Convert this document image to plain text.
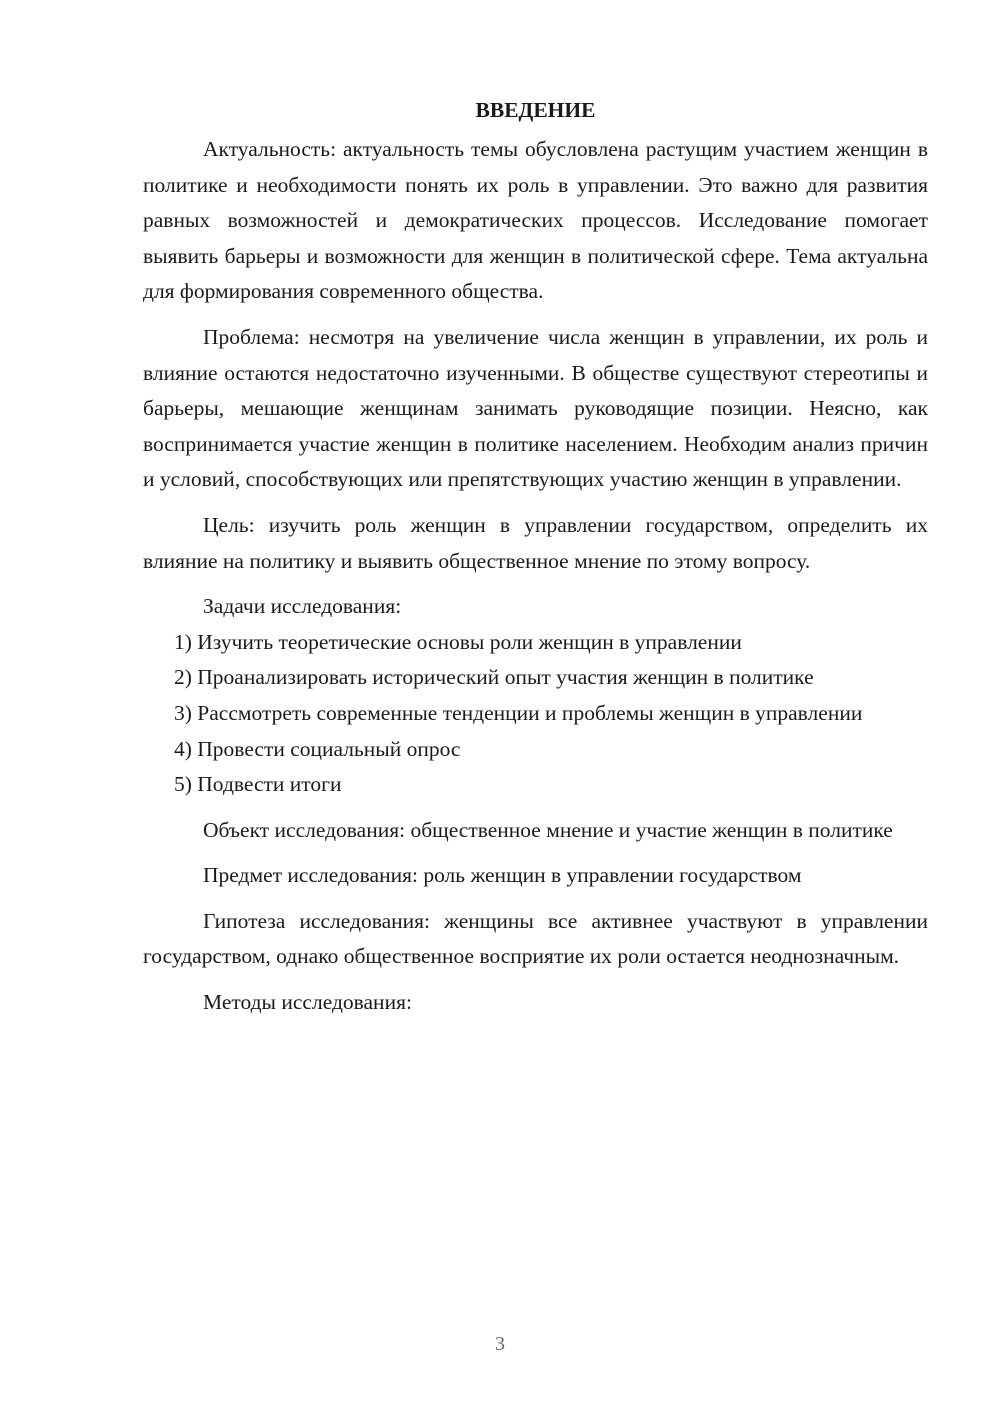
ВВЕДЕНИЕ

Актуальность: актуальность темы обусловлена растущим участием женщин в политике и необходимости понять их роль в управлении. Это важно для развития равных возможностей и демократических процессов. Исследование помогает выявить барьеры и возможности для женщин в политической сфере. Тема актуальна для формирования современного общества.

Проблема: несмотря на увеличение числа женщин в управлении, их роль и влияние остаются недостаточно изученными. В обществе существуют стереотипы и барьеры, мешающие женщинам занимать руководящие позиции. Неясно, как воспринимается участие женщин в политике населением. Необходим анализ причин и условий, способствующих или препятствующих участию женщин в управлении.

Цель: изучить роль женщин в управлении государством, определить их влияние на политику и выявить общественное мнение по этому вопросу.

Задачи исследования:

1) Изучить теоретические основы роли женщин в управлении

2) Проанализировать исторический опыт участия женщин в политике

3) Рассмотреть современные тенденции и проблемы женщин в управлении

4) Провести социальный опрос

5) Подвести итоги

Объект исследования: общественное мнение и участие женщин в политике

Предмет исследования: роль женщин в управлении государством

Гипотеза исследования: женщины все активнее участвуют в управлении государством, однако общественное восприятие их роли остается неоднозначным.

Методы исследования:

3
